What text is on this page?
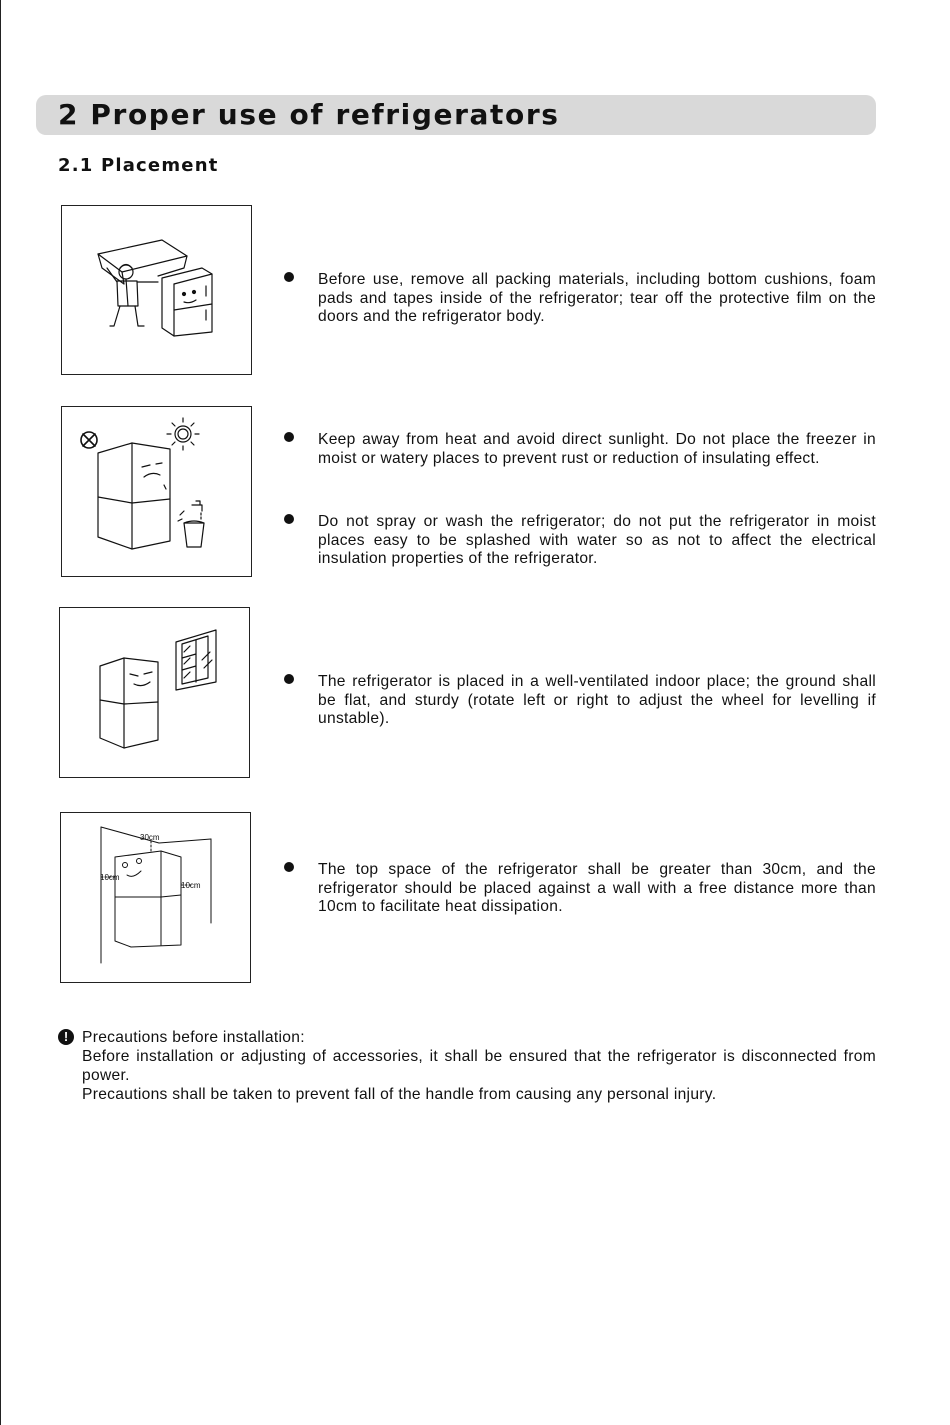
2 Proper use of refrigerators
2.1 Placement
Before use, remove all packing materials, including bottom cushions, foam pads and tapes inside of the refrigerator; tear off the protective film on the doors and the refrigerator body.
Keep away from heat and avoid direct sunlight. Do not place the freezer in moist or watery places to prevent rust or reduction of insulating effect.
Do not spray or wash the refrigerator; do not put the refrigerator in moist places easy to be splashed with water so as not to affect the electrical insulation properties of the refrigerator.
The refrigerator is placed in a well-ventilated indoor place; the ground shall be flat, and sturdy (rotate left or right to adjust the wheel for levelling if unstable).
30cm
10cm
10cm
The top space of the refrigerator shall be greater than 30cm, and the refrigerator should be placed against a wall with a free distance more than 10cm to facilitate heat dissipation.
! Precautions before installation:
Before installation or adjusting of accessories, it shall be ensured that the refrigerator is disconnected from power.
Precautions shall be taken to prevent fall of the handle from causing any personal injury.
